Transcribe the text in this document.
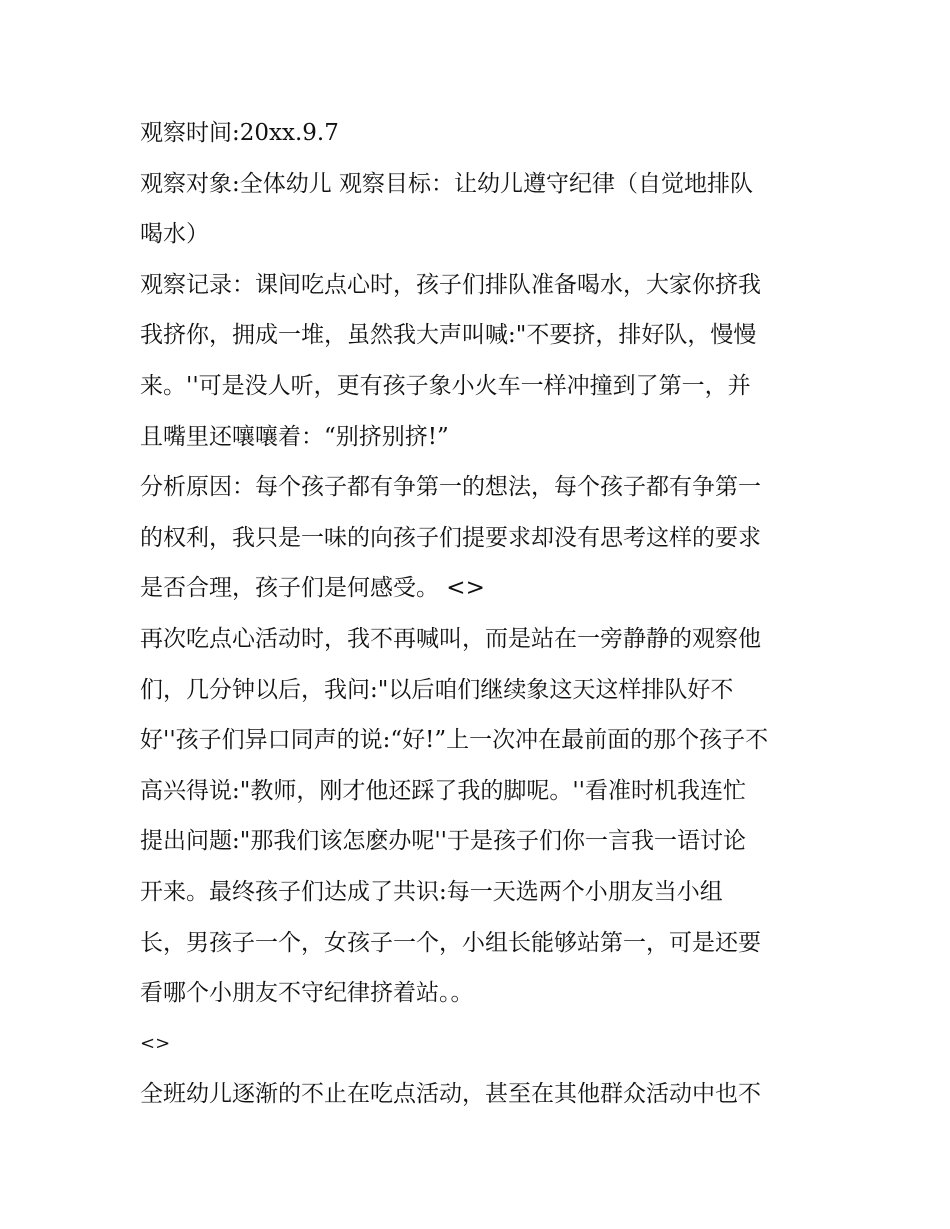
观察时间:20xx.9.7
观察对象:全体幼儿 观察目标：让幼儿遵守纪律（自觉地排队
喝水）
观察记录：课间吃点心时，孩子们排队准备喝水，大家你挤我
我挤你，拥成一堆，虽然我大声叫喊:"不要挤，排好队，慢慢
来。''可是没人听，更有孩子象小火车一样冲撞到了第一，并
且嘴里还嚷嚷着：“别挤别挤!”
分析原因：每个孩子都有争第一的想法，每个孩子都有争第一
的权利，我只是一味的向孩子们提要求却没有思考这样的要求
是否合理，孩子们是何感受。 <>
再次吃点心活动时，我不再喊叫，而是站在一旁静静的观察他
们，几分钟以后，我问:"以后咱们继续象这天这样排队好不
好''孩子们异口同声的说:“好!”上一次冲在最前面的那个孩子不
高兴得说:"教师，刚才他还踩了我的脚呢。''看准时机我连忙
提出问题:"那我们该怎麽办呢''于是孩子们你一言我一语讨论
开来。最终孩子们达成了共识:每一天选两个小朋友当小组
长，男孩子一个，女孩子一个，小组长能够站第一，可是还要
看哪个小朋友不守纪律挤着站。。
<>
全班幼儿逐渐的不止在吃点活动，甚至在其他群众活动中也不
